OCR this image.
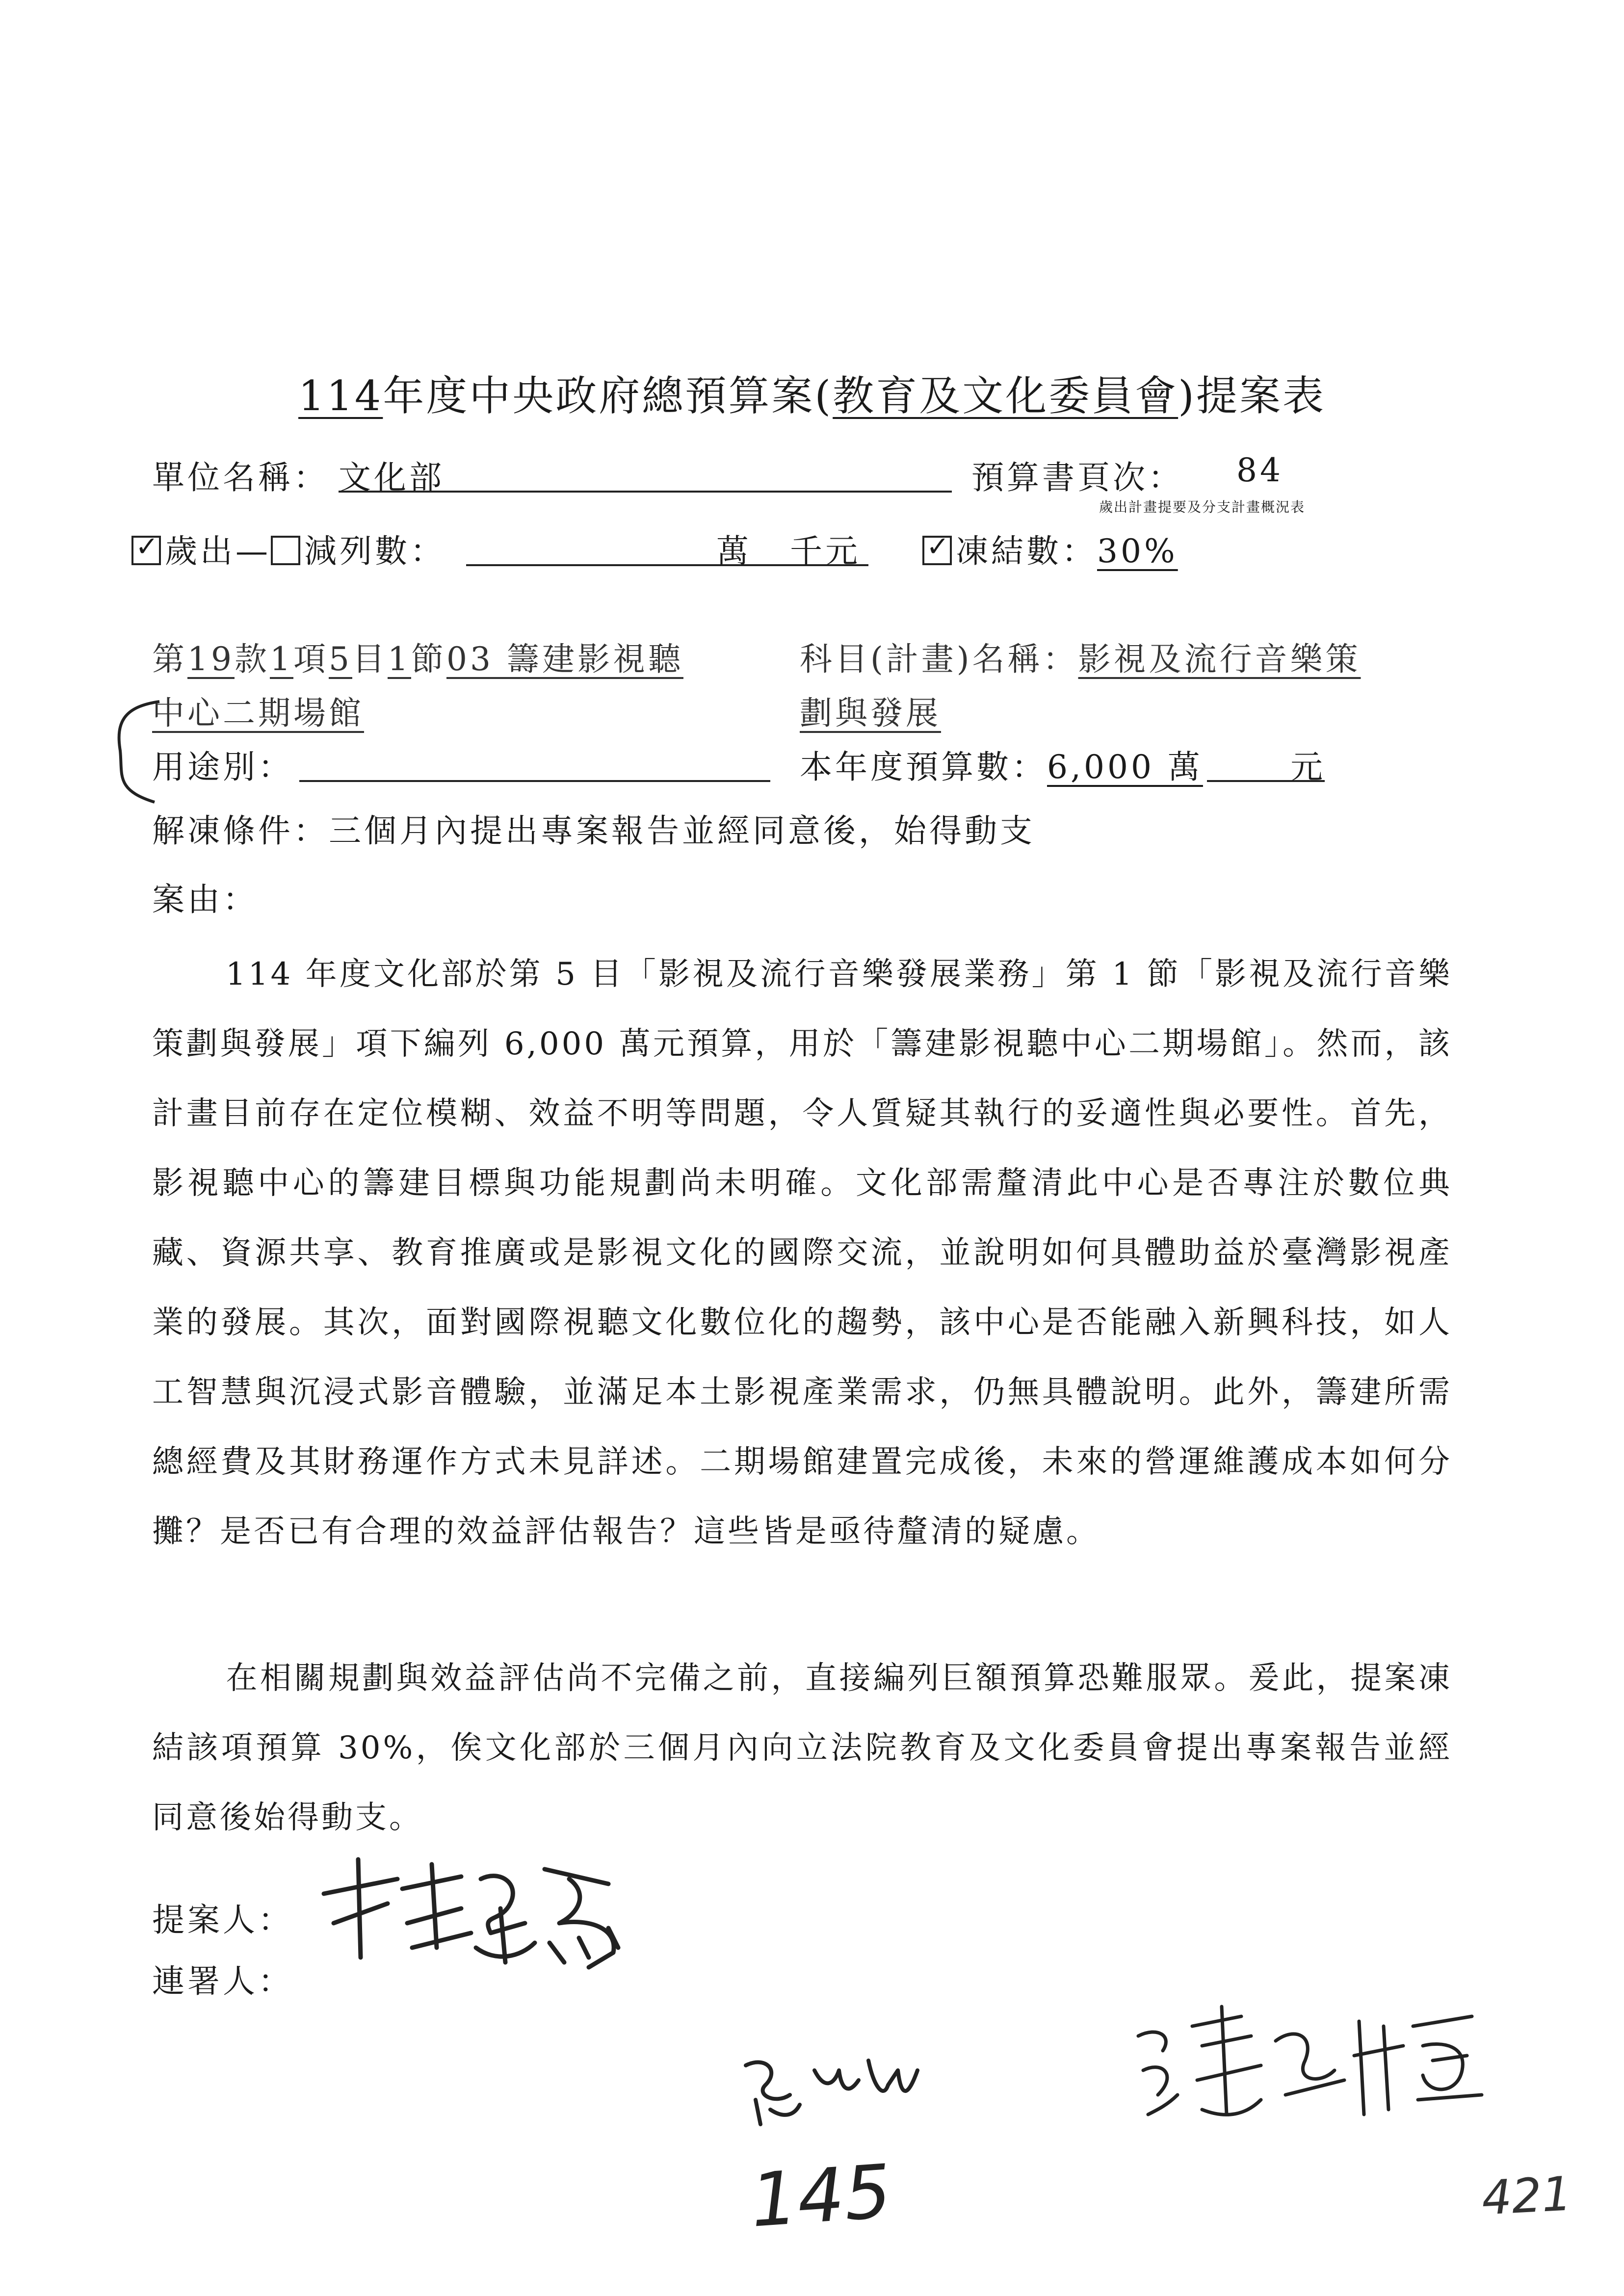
114年度中央政府總預算案(教育及文化委員會)提案表
單位名稱： 文化部	預算書頁次： 84
歲出計畫提要及分支計畫概況表
✓歲出— 減列數：	萬 千元
✓	凍結數：30%
第19款1項5目1節03 籌建影視聽
中心二期場館
科目(計畫)名稱：影視及流行音樂策
劃與發展
用途別：	本年度預算數：6,000 萬	元
解凍條件：三個月內提出專案報告並經同意後，始得動支
案由：
114 年度文化部於第 5 目「影視及流行音樂發展業務」第 1 節「影視及流行音樂策劃與發展」項下編列 6,000 萬元預算，用於「籌建影視聽中心二期場館」。然而，該計畫目前存在定位模糊、效益不明等問題，令人質疑其執行的妥適性與必要性。首先，影視聽中心的籌建目標與功能規劃尚未明確。文化部需釐清此中心是否專注於數位典藏、資源共享、教育推廣或是影視文化的國際交流，並說明如何具體助益於臺灣影視產業的發展。其次，面對國際視聽文化數位化的趨勢，該中心是否能融入新興科技，如人工智慧與沉浸式影音體驗，並滿足本土影視產業需求，仍無具體說明。此外，籌建所需總經費及其財務運作方式未見詳述。二期場館建置完成後，未來的營運維護成本如何分攤？是否已有合理的效益評估報告？這些皆是亟待釐清的疑慮。
在相關規劃與效益評估尚不完備之前，直接編列巨額預算恐難服眾。爰此，提案凍結該項預算 30%，俟文化部於三個月內向立法院教育及文化委員會提出專案報告並經同意後始得動支。
提案人：
連署人：
145	421
